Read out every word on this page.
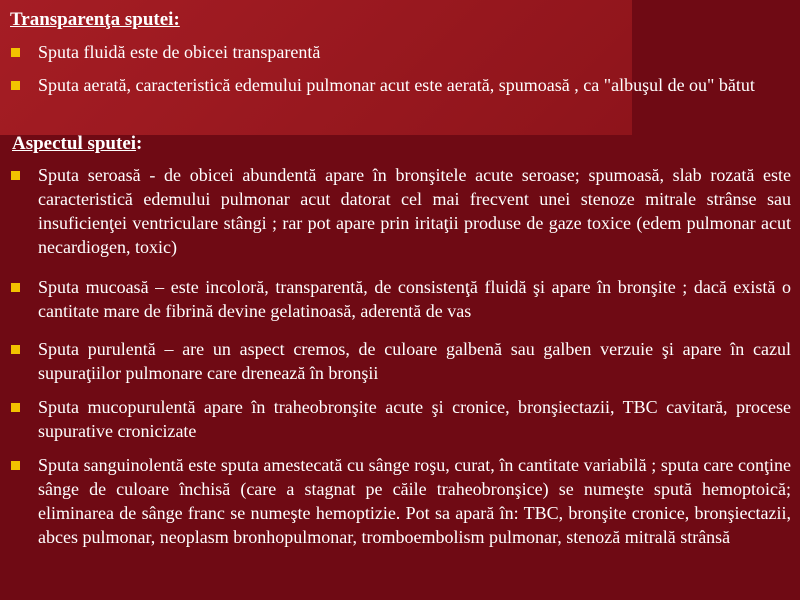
Transparenţa sputei:
Sputa fluidă este de obicei transparentă
Sputa aerată, caracteristică edemului pulmonar acut este aerată, spumoasă , ca "albuşul de ou" bătut
Aspectul sputei:
Sputa seroasă - de obicei abundentă apare în bronşitele acute seroase; spumoasă, slab rozată este caracteristică edemului pulmonar acut datorat cel mai frecvent unei stenoze mitrale strânse sau insuficienţei ventriculare stângi ; rar pot apare prin iritaţii produse de gaze toxice (edem pulmonar acut necardiogen, toxic)
Sputa mucoasă – este incoloră, transparentă, de consistenţă fluidă şi apare în bronşite ; dacă există o cantitate mare de fibrină devine gelatinoasă, aderentă de vas
Sputa purulentă – are un aspect cremos, de culoare galbenă sau galben verzuie şi apare în cazul supuraţiilor pulmonare care drenează în bronşii
Sputa mucopurulentă apare în traheobronşite acute şi cronice, bronşiectazii, TBC cavitară, procese supurative cronicizate
Sputa sanguinolentă este sputa amestecată cu sânge roşu, curat, în cantitate variabilă ; sputa care conţine sânge de culoare închisă (care a stagnat pe căile traheobronşice) se numeşte spută hemoptoică; eliminarea de sânge franc se numeşte hemoptizie. Pot sa apară în: TBC, bronşite cronice, bronşiectazii, abces pulmonar, neoplasm bronhopulmonar, tromboembolism pulmonar, stenoză mitrală strânsă
